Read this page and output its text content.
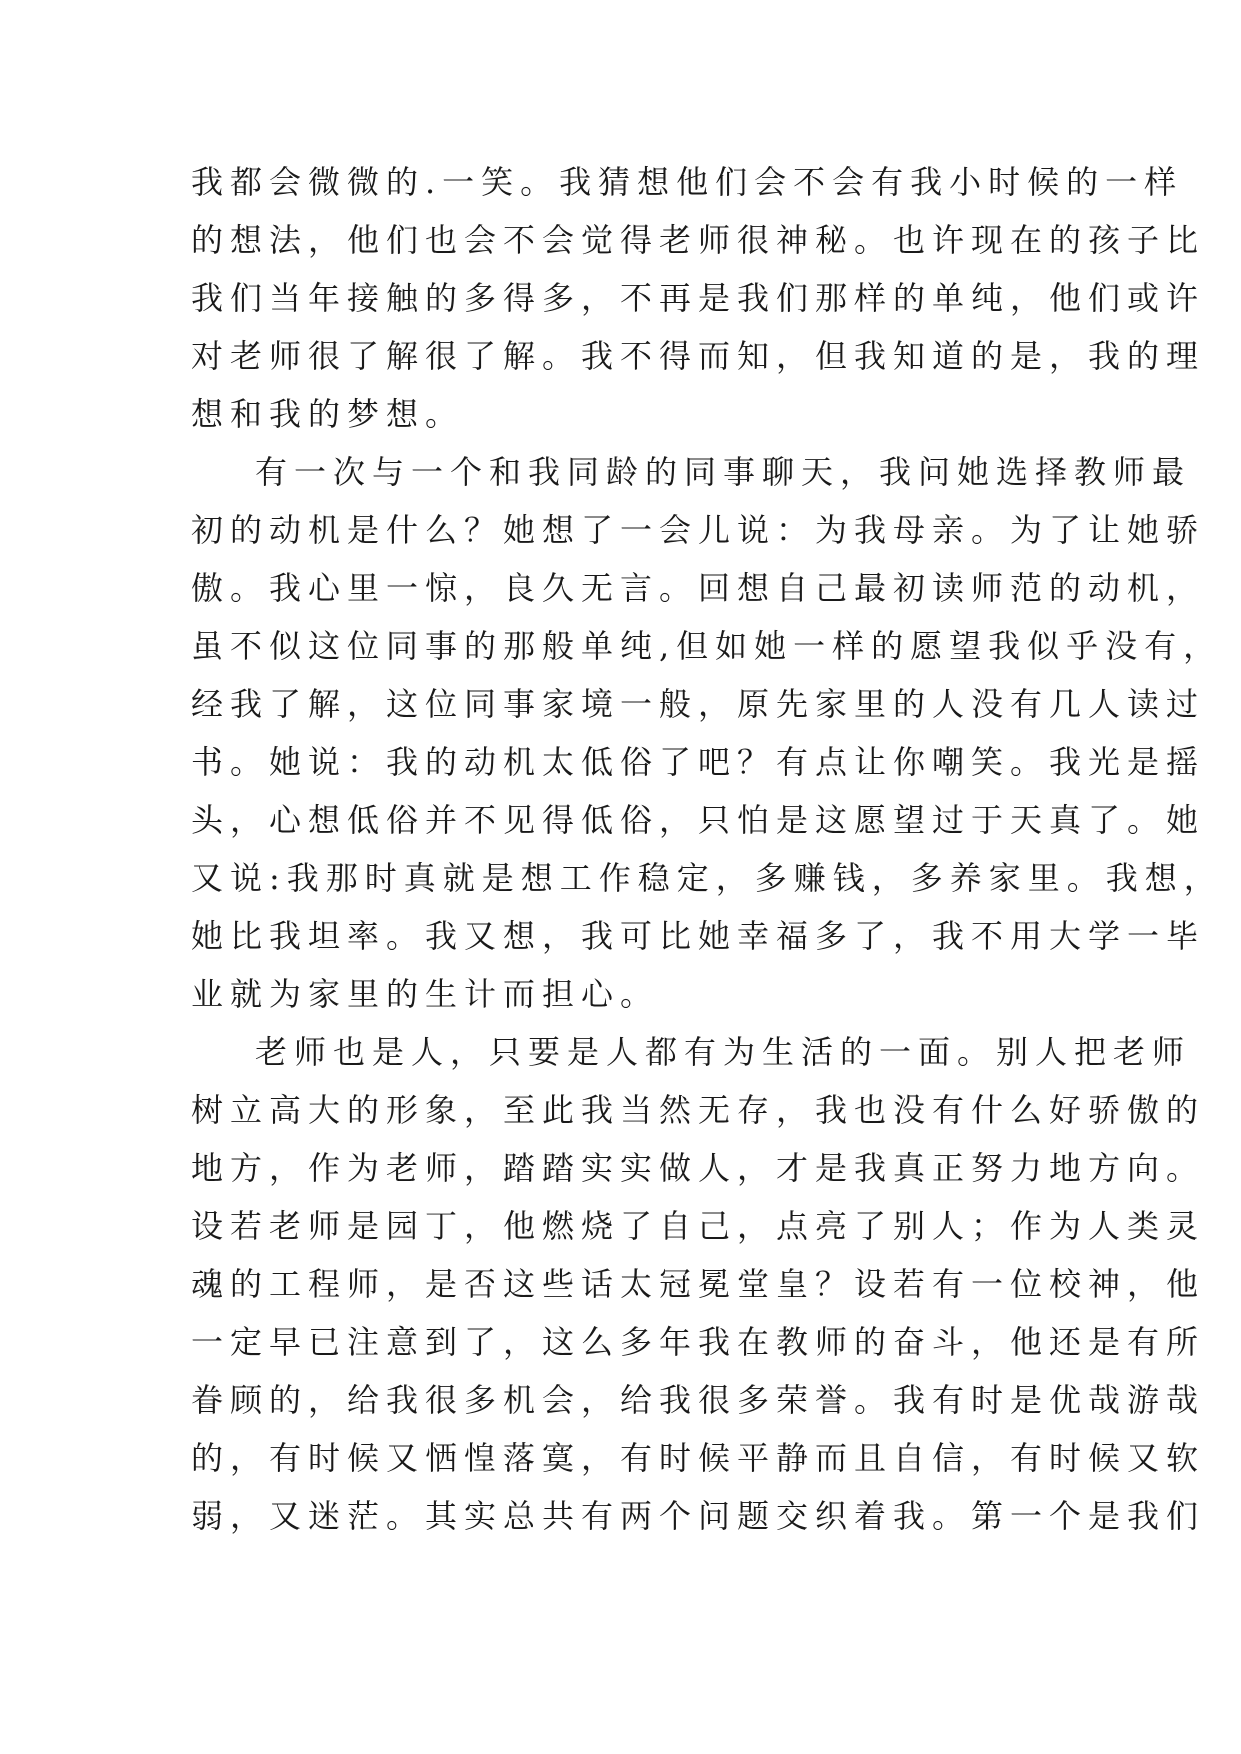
我都会微微的.一笑。我猜想他们会不会有我小时候的一样
的想法，他们也会不会觉得老师很神秘。也许现在的孩子比
我们当年接触的多得多，不再是我们那样的单纯，他们或许
对老师很了解很了解。我不得而知，但我知道的是，我的理
想和我的梦想。
有一次与一个和我同龄的同事聊天，我问她选择教师最
初的动机是什么？她想了一会儿说：为我母亲。为了让她骄
傲。我心里一惊，良久无言。回想自己最初读师范的动机，
虽不似这位同事的那般单纯,但如她一样的愿望我似乎没有，
经我了解，这位同事家境一般，原先家里的人没有几人读过
书。她说：我的动机太低俗了吧？有点让你嘲笑。我光是摇
头，心想低俗并不见得低俗，只怕是这愿望过于天真了。她
又说:我那时真就是想工作稳定，多赚钱，多养家里。我想，
她比我坦率。我又想，我可比她幸福多了，我不用大学一毕
业就为家里的生计而担心。
老师也是人，只要是人都有为生活的一面。别人把老师
树立高大的形象，至此我当然无存，我也没有什么好骄傲的
地方，作为老师，踏踏实实做人，才是我真正努力地方向。
设若老师是园丁，他燃烧了自己，点亮了别人；作为人类灵
魂的工程师，是否这些话太冠冕堂皇？设若有一位校神，他
一定早已注意到了，这么多年我在教师的奋斗，他还是有所
眷顾的，给我很多机会，给我很多荣誉。我有时是优哉游哉
的，有时候又恓惶落寞，有时候平静而且自信，有时候又软
弱，又迷茫。其实总共有两个问题交织着我。第一个是我们
